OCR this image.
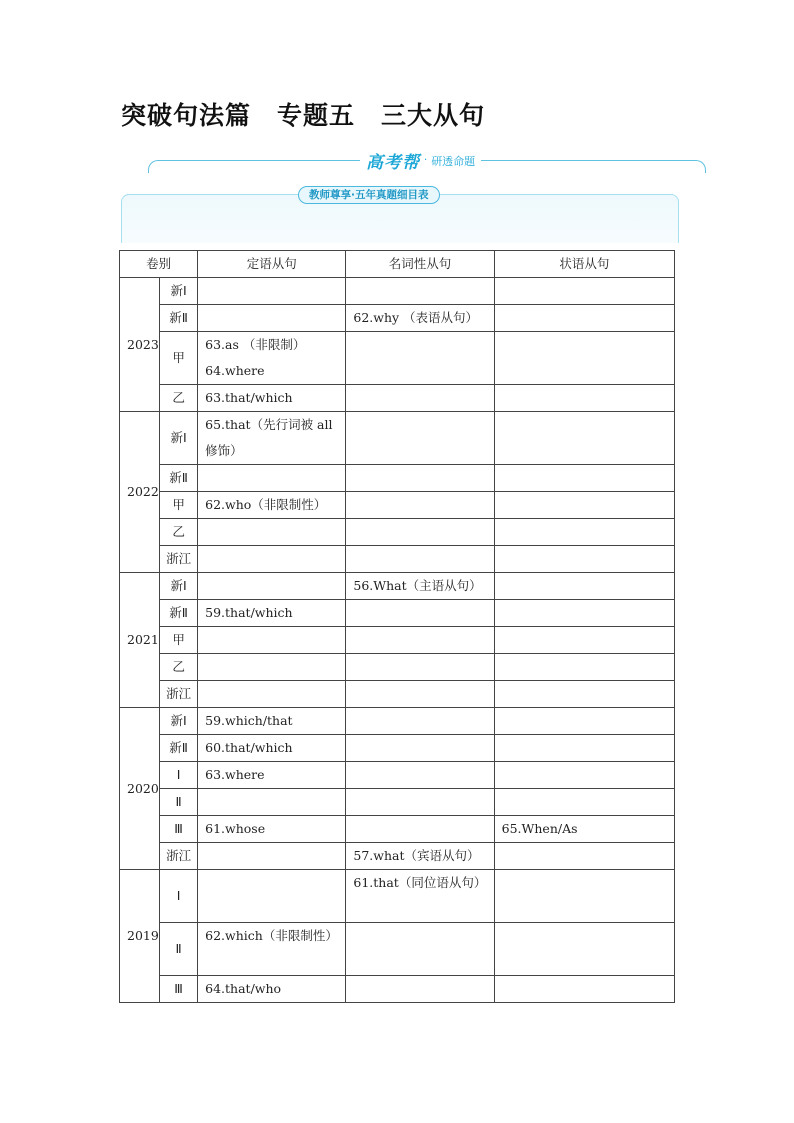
突破句法篇　专题五　三大从句
高考帮 · 研透命题
教师尊享·五年真题细目表
卷别		定语从句	名词性从句	状语从句
2023	新Ⅰ	

	新Ⅱ		62.why （表语从句）	

	甲	63.as （非限制） 64.where		

	乙	63.that/which		

2022	新Ⅰ	65.that（先行词被 all 修饰）		

	新Ⅱ	

	甲	62.who（非限制性）		

	乙	

	浙江	

2021	新Ⅰ		56.What（主语从句）	

	新Ⅱ	59.that/which		

	甲	

	乙	

	浙江	

2020	新Ⅰ	59.which/that		

	新Ⅱ	60.that/which		

	Ⅰ	63.where		

	Ⅱ	

	Ⅲ	61.whose		65.When/As

	浙江		57.what（宾语从句）	

2019	Ⅰ		61.that（同位语从句）	

	Ⅱ	62.which（非限制性）		

	Ⅲ	64.that/who		
